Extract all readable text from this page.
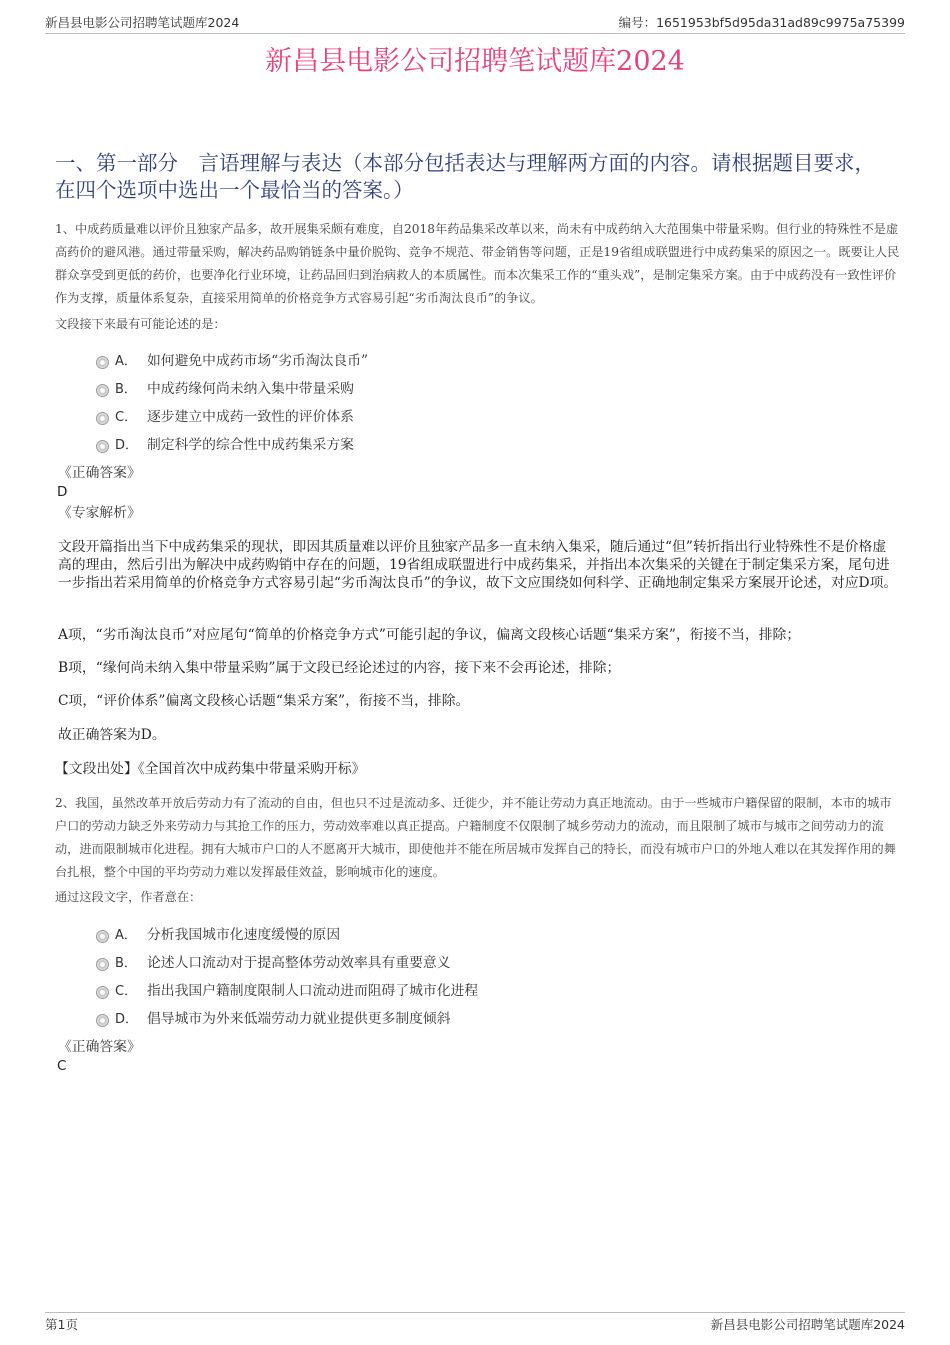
新昌县电影公司招聘笔试题库2024	编号：1651953bf5d95da31ad89c9975a75399
新昌县电影公司招聘笔试题库2024
一、第一部分　言语理解与表达（本部分包括表达与理解两方面的内容。请根据题目要求，在四个选项中选出一个最恰当的答案。）
1、中成药质量难以评价且独家产品多，故开展集采颇有难度，自2018年药品集采改革以来，尚未有中成药纳入大范围集中带量采购。但行业的特殊性不是虚高药价的避风港。通过带量采购，解决药品购销链条中量价脱钩、竞争不规范、带金销售等问题，正是19省组成联盟进行中成药集采的原因之一。既要让人民群众享受到更低的药价，也要净化行业环境，让药品回归到治病救人的本质属性。而本次集采工作的“重头戏”，是制定集采方案。由于中成药没有一致性评价作为支撑，质量体系复杂，直接采用简单的价格竞争方式容易引起“劣币淘汰良币”的争议。
文段接下来最有可能论述的是：
A． 如何避免中成药市场“劣币淘汰良币”
B． 中成药缘何尚未纳入集中带量采购
C． 逐步建立中成药一致性的评价体系
D． 制定科学的综合性中成药集采方案
《正确答案》
D
《专家解析》
文段开篇指出当下中成药集采的现状，即因其质量难以评价且独家产品多一直未纳入集采，随后通过“但”转折指出行业特殊性不是价格虚高的理由，然后引出为解决中成药购销中存在的问题，19省组成联盟进行中成药集采，并指出本次集采的关键在于制定集采方案，尾句进一步指出若采用简单的价格竞争方式容易引起“劣币淘汰良币”的争议，故下文应围绕如何科学、正确地制定集采方案展开论述，对应D项。
A项，“劣币淘汰良币”对应尾句“简单的价格竞争方式”可能引起的争议，偏离文段核心话题“集采方案”，衔接不当，排除；
B项，“缘何尚未纳入集中带量采购”属于文段已经论述过的内容，接下来不会再论述，排除；
C项，“评价体系”偏离文段核心话题“集采方案”，衔接不当，排除。
故正确答案为D。
【文段出处】《全国首次中成药集中带量采购开标》
2、我国，虽然改革开放后劳动力有了流动的自由，但也只不过是流动多、迁徙少，并不能让劳动力真正地流动。由于一些城市户籍保留的限制，本市的城市户口的劳动力缺乏外来劳动力与其抢工作的压力，劳动效率难以真正提高。户籍制度不仅限制了城乡劳动力的流动，而且限制了城市与城市之间劳动力的流动，进而限制城市化进程。拥有大城市户口的人不愿离开大城市，即使他并不能在所居城市发挥自己的特长，而没有城市户口的外地人难以在其发挥作用的舞台扎根，整个中国的平均劳动力难以发挥最佳效益，影响城市化的速度。
通过这段文字，作者意在：
A． 分析我国城市化速度缓慢的原因
B． 论述人口流动对于提高整体劳动效率具有重要意义
C． 指出我国户籍制度限制人口流动进而阻碍了城市化进程
D． 倡导城市为外来低端劳动力就业提供更多制度倾斜
《正确答案》
C
第1页	新昌县电影公司招聘笔试题库2024
